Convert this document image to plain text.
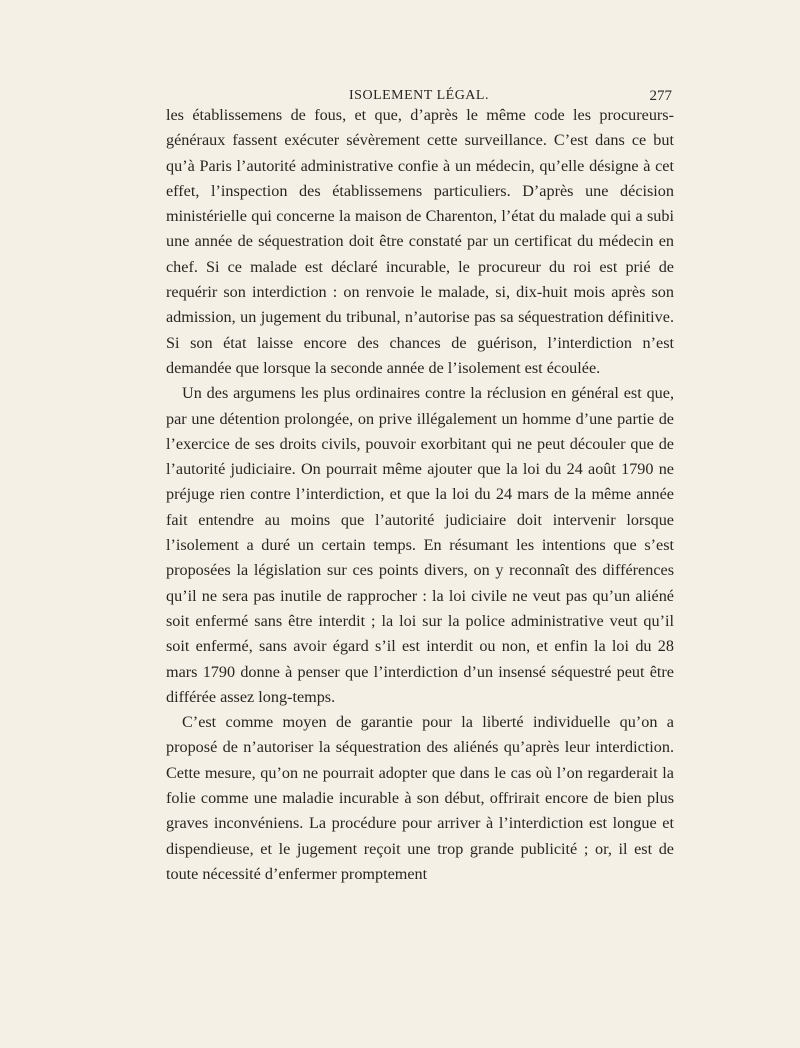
ISOLEMENT LÉGAL.	277

les établissemens de fous, et que, d’après le même code les procureurs-généraux fassent exécuter sévèrement cette surveillance. C’est dans ce but qu’à Paris l’autorité administrative confie à un médecin, qu’elle désigne à cet effet, l’inspection des établissemens particuliers. D’après une décision ministérielle qui concerne la maison de Charenton, l’état du malade qui a subi une année de séquestration doit être constaté par un certificat du médecin en chef. Si ce malade est déclaré incurable, le procureur du roi est prié de requérir son interdiction : on renvoie le malade, si, dix-huit mois après son admission, un jugement du tribunal, n’autorise pas sa séquestration définitive. Si son état laisse encore des chances de guérison, l’interdiction n’est demandée que lorsque la seconde année de l’isolement est écoulée.

Un des argumens les plus ordinaires contre la réclusion en général est que, par une détention prolongée, on prive illégalement un homme d’une partie de l’exercice de ses droits civils, pouvoir exorbitant qui ne peut découler que de l’autorité judiciaire. On pourrait même ajouter que la loi du 24 août 1790 ne préjuge rien contre l’interdiction, et que la loi du 24 mars de la même année fait entendre au moins que l’autorité judiciaire doit intervenir lorsque l’isolement a duré un certain temps. En résumant les intentions que s’est proposées la législation sur ces points divers, on y reconnaît des différences qu’il ne sera pas inutile de rapprocher : la loi civile ne veut pas qu’un aliéné soit enfermé sans être interdit ; la loi sur la police administrative veut qu’il soit enfermé, sans avoir égard s’il est interdit ou non, et enfin la loi du 28 mars 1790 donne à penser que l’interdiction d’un insensé séquestré peut être différée assez long-temps.

C’est comme moyen de garantie pour la liberté individuelle qu’on a proposé de n’autoriser la séquestration des aliénés qu’après leur interdiction. Cette mesure, qu’on ne pourrait adopter que dans le cas où l’on regarderait la folie comme une maladie incurable à son début, offrirait encore de bien plus graves inconvéniens. La procédure pour arriver à l’interdiction est longue et dispendieuse, et le jugement reçoit une trop grande publicité ; or, il est de toute nécessité d’enfermer promptement
